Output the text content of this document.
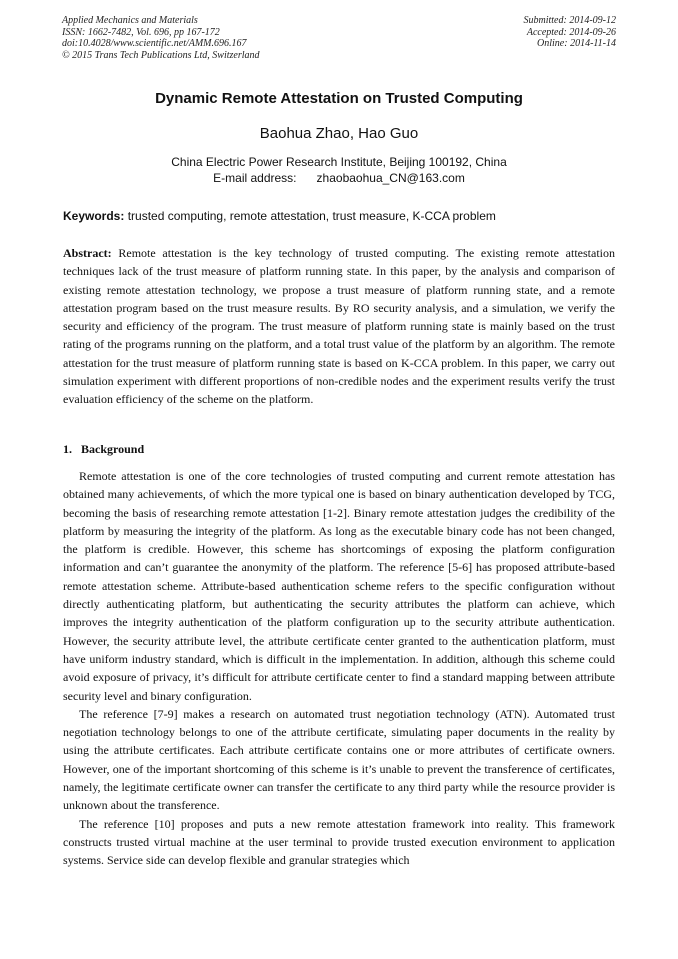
Applied Mechanics and Materials
ISSN: 1662-7482, Vol. 696, pp 167-172
doi:10.4028/www.scientific.net/AMM.696.167
© 2015 Trans Tech Publications Ltd, Switzerland
Submitted: 2014-09-12
Accepted: 2014-09-26
Online: 2014-11-14
Dynamic Remote Attestation on Trusted Computing
Baohua Zhao, Hao Guo
China Electric Power Research Institute, Beijing 100192, China
E-mail address: zhaobaohua_CN@163.com
Keywords: trusted computing, remote attestation, trust measure, K-CCA problem
Abstract: Remote attestation is the key technology of trusted computing. The existing remote attestation techniques lack of the trust measure of platform running state. In this paper, by the analysis and comparison of existing remote attestation technology, we propose a trust measure of platform running state, and a remote attestation program based on the trust measure results. By RO security analysis, and a simulation, we verify the security and efficiency of the program. The trust measure of platform running state is mainly based on the trust rating of the programs running on the platform, and a total trust value of the platform by an algorithm. The remote attestation for the trust measure of platform running state is based on K-CCA problem. In this paper, we carry out simulation experiment with different proportions of non-credible nodes and the experiment results verify the trust evaluation efficiency of the scheme on the platform.
1. Background

Remote attestation is one of the core technologies of trusted computing and current remote attestation has obtained many achievements, of which the more typical one is based on binary authentication developed by TCG, becoming the basis of researching remote attestation [1-2]. Binary remote attestation judges the credibility of the platform by measuring the integrity of the platform. As long as the executable binary code has not been changed, the platform is credible. However, this scheme has shortcomings of exposing the platform configuration information and can’t guarantee the anonymity of the platform. The reference [5-6] has proposed attribute-based remote attestation scheme. Attribute-based authentication scheme refers to the specific configuration without directly authenticating platform, but authenticating the security attributes the platform can achieve, which improves the integrity authentication of the platform configuration up to the security attribute authentication. However, the security attribute level, the attribute certificate center granted to the authentication platform, must have uniform industry standard, which is difficult in the implementation. In addition, although this scheme could avoid exposure of privacy, it’s difficult for attribute certificate center to find a standard mapping between attribute security level and binary configuration.

The reference [7-9] makes a research on automated trust negotiation technology (ATN). Automated trust negotiation technology belongs to one of the attribute certificate, simulating paper documents in the reality by using the attribute certificates. Each attribute certificate contains one or more attributes of certificate owners. However, one of the important shortcoming of this scheme is it’s unable to prevent the transference of certificates, namely, the legitimate certificate owner can transfer the certificate to any third party while the resource provider is unknown about the transference.

The reference [10] proposes and puts a new remote attestation framework into reality. This framework constructs trusted virtual machine at the user terminal to provide trusted execution environment to application systems. Service side can develop flexible and granular strategies which
